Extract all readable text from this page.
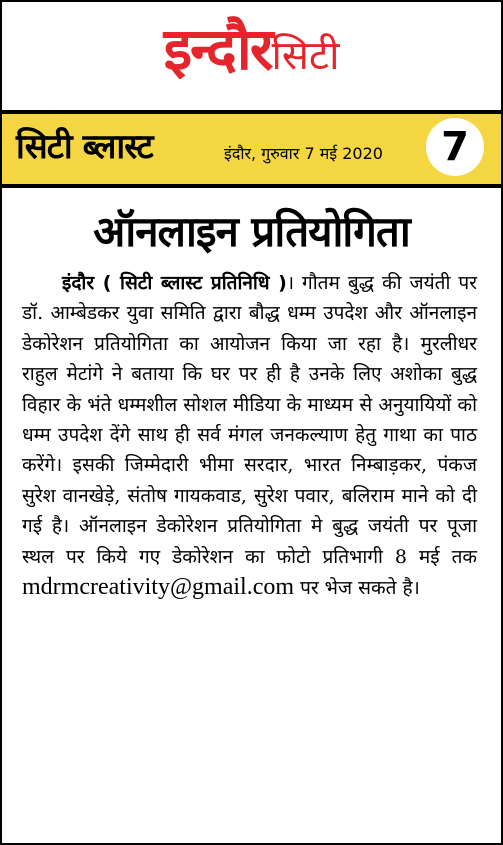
इन्दौरसिटी
सिटी ब्लास्ट	इंदौर, गुरुवार 7 मई 2020	7
ऑनलाइन प्रतियोगिता
इंदौर ( सिटी ब्लास्ट प्रतिनिधि )। गौतम बुद्ध की जयंती पर डॉ. आम्बेडकर युवा समिति द्वारा बौद्ध धम्म उपदेश और ऑनलाइन डेकोरेशन प्रतियोगिता का आयोजन किया जा रहा है। मुरलीधर राहुल मेटांगे ने बताया कि घर पर ही है उनके लिए अशोका बुद्ध विहार के भंते धम्मशील सोशल मीडिया के माध्यम से अनुयायियों को धम्म उपदेश देंगे साथ ही सर्व मंगल जनकल्याण हेतु गाथा का पाठ करेंगे। इसकी जिम्मेदारी भीमा सरदार, भारत निम्बाड़कर, पंकज सुरेश वानखेड़े, संतोष गायकवाड, सुरेश पवार, बलिराम माने को दी गई है। ऑनलाइन डेकोरेशन प्रतियोगिता मे बुद्ध जयंती पर पूजा स्थल पर किये गए डेकोरेशन का फोटो प्रतिभागी 8 मई तक mdrmcreativity@gmail.com पर भेज सकते है।
